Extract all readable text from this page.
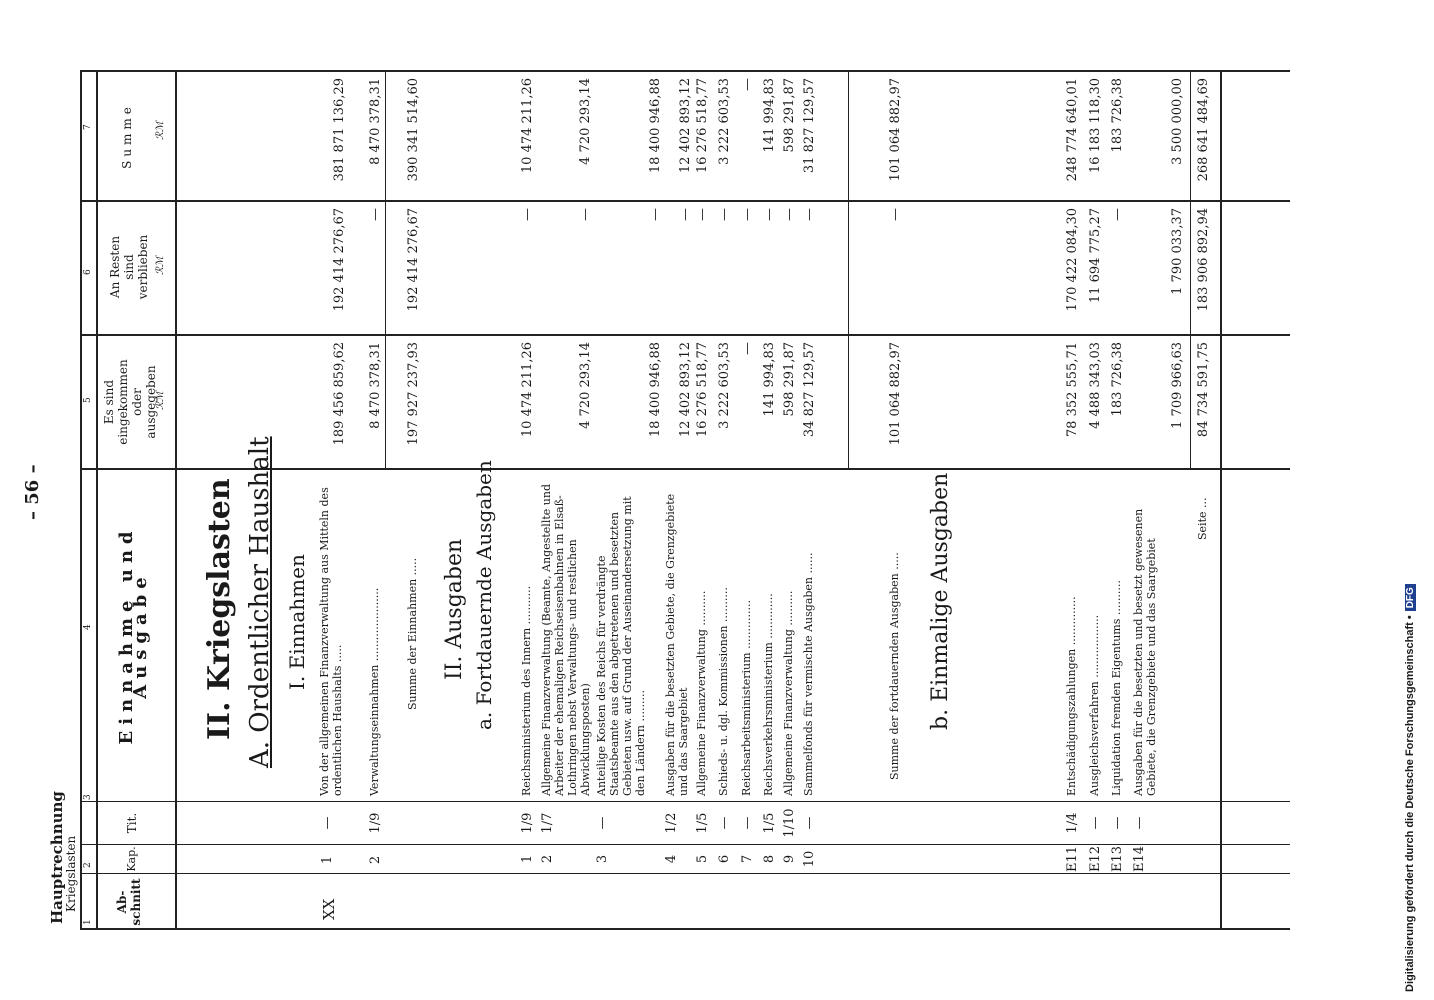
Hauptrechnung
Kriegslasten
– 56 –
1
2
3
4
5
6
7
Ab-schnitt
Kap.
Tit.
Einnahme und Ausgabe
Es sind eingekommen oder ausgegeben
An Resten sind verblieben
Summe
ℛℳ
ℛℳ
ℛℳ
II. Kriegslasten A. Ordentlicher Haushalt I. Einnahmen
XX
1
—
Von der allgemeinen Finanzverwaltung aus Mitteln des ordentlichen Haushalts .....
189 456 859,62
192 414 276,67
381 871 136,29
2
1/9
Verwaltungseinnahmen .....................
8 470 378,31
—
8 470 378,31
Summe der Einnahmen .....
197 927 237,93
192 414 276,67
390 341 514,60
II. Ausgaben a. Fortdauernde Ausgaben
1
1/9
Reichsministerium des Innern ...........
10 474 211,26
—
10 474 211,26
2
1/7
Allgemeine Finanzverwaltung (Beamte, Angestellte und Arbeiter der ehemaligen Reichseisenbahnen in Elsaß-Lothringen nebst Verwaltungs- und restlichen Abwicklungsposten)
4 720 293,14
—
4 720 293,14
3
—
Anteilige Kosten des Reichs für verdrängte Staatsbeamte aus den abgetretenen und besetzten Gebieten usw. auf Grund der Auseinandersetzung mit den Ländern .........
18 400 946,88
—
18 400 946,88
4
1/2
Ausgaben für die besetzten Gebiete, die Grenzgebiete und das Saargebiet
12 402 893,12
—
12 402 893,12
5
1/5
Allgemeine Finanzverwaltung ..........
16 276 518,77
—
16 276 518,77
6
—
Schieds- u. dgl. Kommissionen ..........
3 222 603,53
—
3 222 603,53
7
—
Reichsarbeitsministerium ..............
—
—
—
8
1/5
Reichsverkehrsministerium .............
141 994,83
—
141 994,83
9
1/10
Allgemeine Finanzverwaltung ..........
598 291,87
—
598 291,87
10
—
Sammelfonds für vermischte Ausgaben ......
34 827 129,57
—
31 827 129,57
Summe der fortdauernden Ausgaben .....
101 064 882,97
—
101 064 882,97
b. Einmalige Ausgaben
E11
1/4
Entschädigungszahlungen ..............
78 352 555,71
170 422 084,30
248 774 640,01
E12
—
Ausgleichsverfahren ..................
4 488 343,03
11 694 775,27
16 183 118,30
E13
—
Liquidation fremden Eigentums ..........
183 726,38
—
183 726,38
E14
—
Ausgaben für die besetzten und besetzt gewesenen Gebiete, die Grenzgebiete und das Saargebiet
1 709 966,63
1 790 033,37
3 500 000,00
Seite ...
84 734 591,75
183 906 892,94
268 641 484,69
Digitalisierung gefördert durch die Deutsche Forschungsgemeinschaft •DFG
